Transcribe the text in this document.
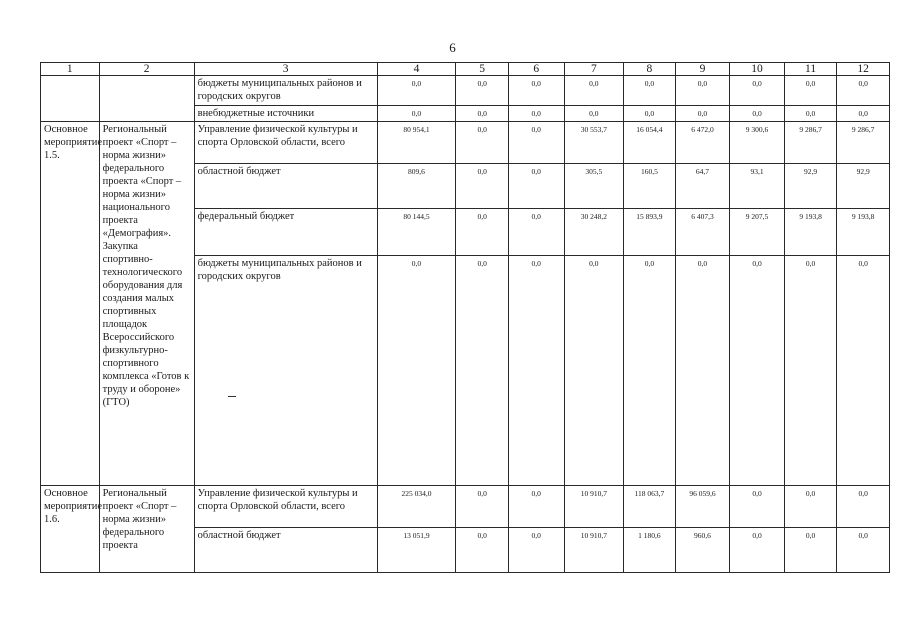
6
1	2	3	4	5	6	7	8	9	10	11	12
		бюджеты муниципальных районов и городских округов	0,0	0,0	0,0	0,0	0,0	0,0	0,0	0,0	0,0
		внебюджетные источники	0,0	0,0	0,0	0,0	0,0	0,0	0,0	0,0	0,0
Основное мероприятие 1.5.	Региональный проект «Спорт – норма жизни» федерального проекта «Спорт – норма жизни» национального проекта «Демография». Закупка спортивно-технологического оборудования для создания малых спортивных площадок Всероссийского физкультурно-спортивного комплекса «Готов к труду и обороне» (ГТО)	Управление физической культуры и спорта Орловской области, всего	80 954,1	0,0	0,0	30 553,7	16 054,4	6 472,0	9 300,6	9 286,7	9 286,7
		областной бюджет	809,6	0,0	0,0	305,5	160,5	64,7	93,1	92,9	92,9
		федеральный бюджет	80 144,5	0,0	0,0	30 248,2	15 893,9	6 407,3	9 207,5	9 193,8	9 193,8
		бюджеты муниципальных районов и городских округов	0,0	0,0	0,0	0,0	0,0	0,0	0,0	0,0	0,0
Основное мероприятие 1.6.	Региональный проект «Спорт – норма жизни» федерального проекта	Управление физической культуры и спорта Орловской области, всего	225 034,0	0,0	0,0	10 910,7	118 063,7	96 059,6	0,0	0,0	0,0
		областной бюджет	13 051,9	0,0	0,0	10 910,7	1 180,6	960,6	0,0	0,0	0,0
